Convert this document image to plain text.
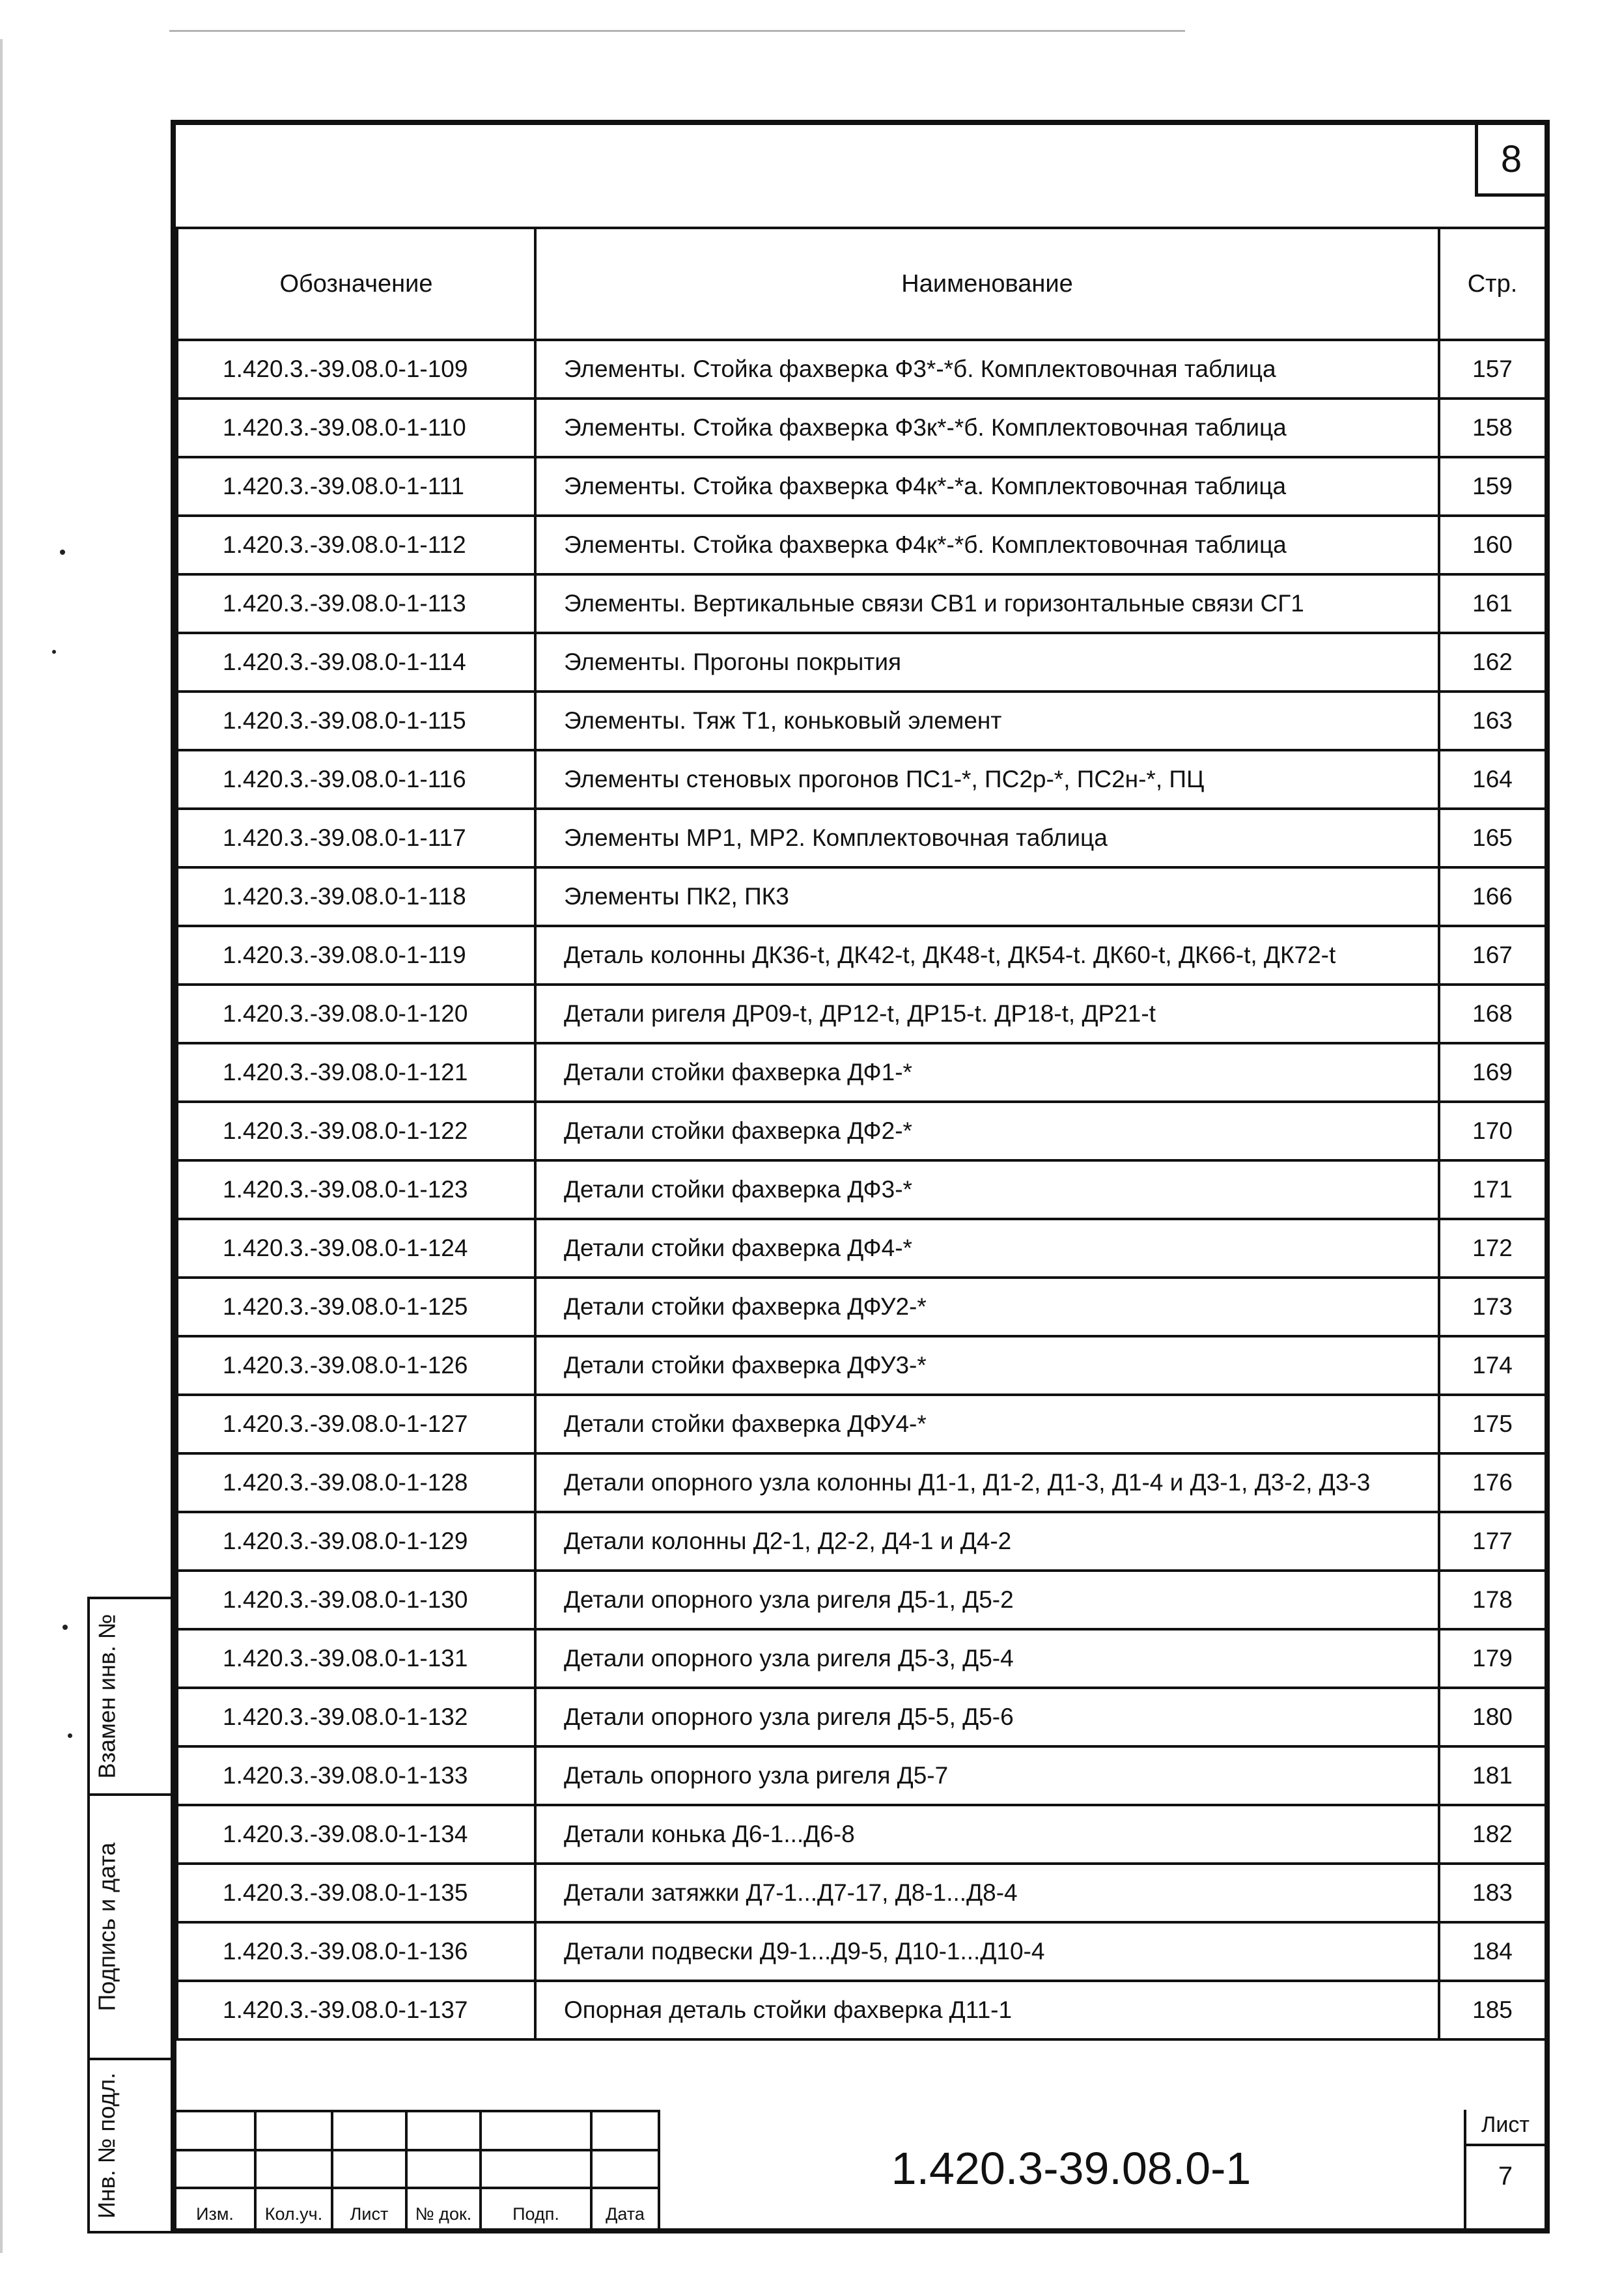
8
Обозначение	Наименование	Стр.
1.420.3.-39.08.0-1-109	Элементы. Стойка фахверка Ф3*-*б. Комплектовочная таблица	157
1.420.3.-39.08.0-1-110	Элементы. Стойка фахверка Ф3к*-*б. Комплектовочная таблица	158
1.420.3.-39.08.0-1-111	Элементы. Стойка фахверка Ф4к*-*а. Комплектовочная таблица	159
1.420.3.-39.08.0-1-112	Элементы. Стойка фахверка Ф4к*-*б. Комплектовочная таблица	160
1.420.3.-39.08.0-1-113	Элементы. Вертикальные связи СВ1 и горизонтальные связи СГ1	161
1.420.3.-39.08.0-1-114	Элементы. Прогоны покрытия	162
1.420.3.-39.08.0-1-115	Элементы. Тяж Т1, коньковый элемент	163
1.420.3.-39.08.0-1-116	Элементы стеновых прогонов ПС1-*, ПС2р-*, ПС2н-*, ПЦ	164
1.420.3.-39.08.0-1-117	Элементы МР1, МР2. Комплектовочная таблица	165
1.420.3.-39.08.0-1-118	Элементы ПК2, ПК3	166
1.420.3.-39.08.0-1-119	Деталь колонны ДК36-t, ДК42-t, ДК48-t, ДК54-t. ДК60-t, ДК66-t, ДК72-t	167
1.420.3.-39.08.0-1-120	Детали ригеля ДР09-t, ДР12-t, ДР15-t. ДР18-t, ДР21-t	168
1.420.3.-39.08.0-1-121	Детали стойки фахверка ДФ1-*	169
1.420.3.-39.08.0-1-122	Детали стойки фахверка ДФ2-*	170
1.420.3.-39.08.0-1-123	Детали стойки фахверка ДФ3-*	171
1.420.3.-39.08.0-1-124	Детали стойки фахверка ДФ4-*	172
1.420.3.-39.08.0-1-125	Детали стойки фахверка ДФУ2-*	173
1.420.3.-39.08.0-1-126	Детали стойки фахверка ДФУ3-*	174
1.420.3.-39.08.0-1-127	Детали стойки фахверка ДФУ4-*	175
1.420.3.-39.08.0-1-128	Детали опорного узла колонны Д1-1, Д1-2, Д1-3, Д1-4 и Д3-1, Д3-2, Д3-3	176
1.420.3.-39.08.0-1-129	Детали колонны Д2-1, Д2-2, Д4-1 и Д4-2	177
1.420.3.-39.08.0-1-130	Детали опорного узла ригеля Д5-1, Д5-2	178
1.420.3.-39.08.0-1-131	Детали опорного узла ригеля Д5-3, Д5-4	179
1.420.3.-39.08.0-1-132	Детали опорного узла ригеля Д5-5, Д5-6	180
1.420.3.-39.08.0-1-133	Деталь опорного узла ригеля Д5-7	181
1.420.3.-39.08.0-1-134	Детали конька Д6-1...Д6-8	182
1.420.3.-39.08.0-1-135	Детали затяжки Д7-1...Д7-17, Д8-1...Д8-4	183
1.420.3.-39.08.0-1-136	Детали подвески Д9-1...Д9-5, Д10-1...Д10-4	184
1.420.3.-39.08.0-1-137	Опорная деталь стойки фахверка Д11-1	185
Взамен инв. №
Подпись и дата
Инв. № подл.	Изм.	Кол.уч.	Лист	№ док.	Подп.	Дата
1.420.3-39.08.0-1
Лист
7
